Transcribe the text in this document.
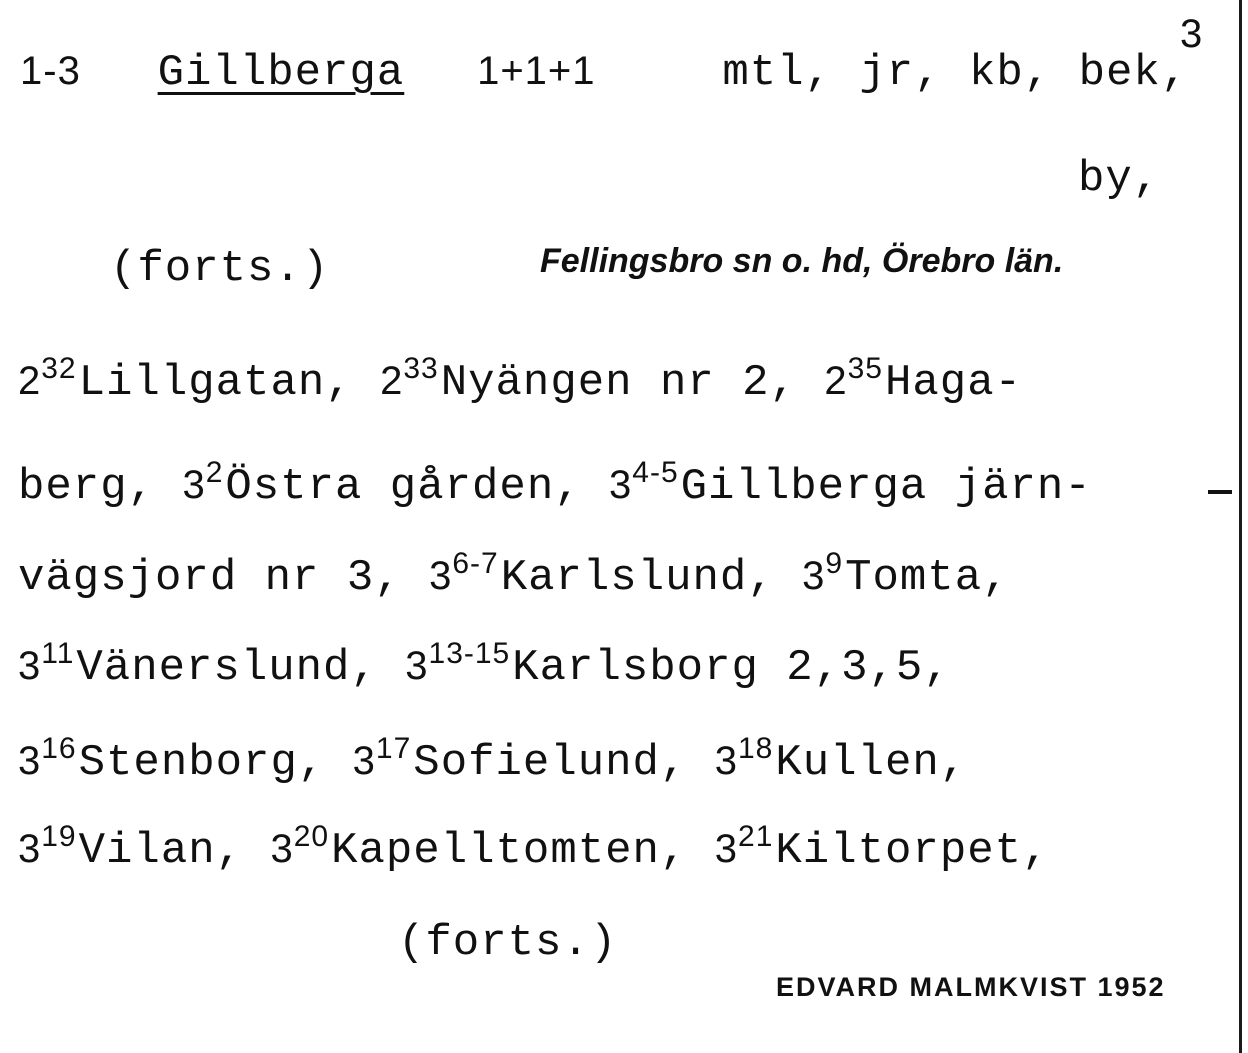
1-3 Gillberga 1+1+1	mtl, jr, kb, bek,
3
by,
(forts.)	Fellingsbro sn o. hd, Örebro län.
$2^{32}Lillgatan$, $2^{33}Nyängen$ nr 2, $2^{35}Haga-$
berg, $3^2Östra$ gården, 3$^{4-5}$Gillberga järn-
vägsjord nr 3, 3$^{6-7}$Karlslund, $3^9Tomta$,
$3^{11}Vänerslund$, 3$^{13-15}$Karlsborg 2,3,5,
$3^{16}Stenborg$, $3^{17}Sofielund$, $3^{18}Kullen$,
$3^{19}Vilan$, $3^{20}Kapelltomten$, $3^{21}Kiltorpet$,
(forts.)
EDVARD MALMKVIST 1952
